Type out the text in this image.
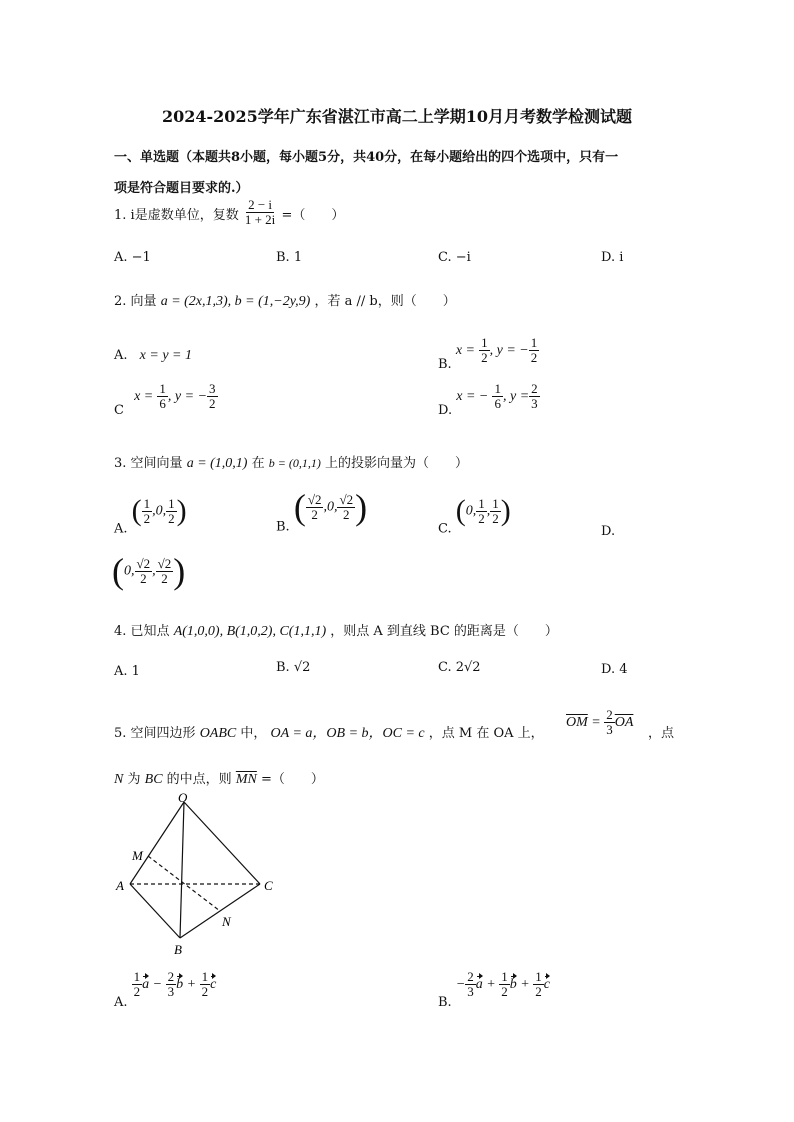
2024-2025学年广东省湛江市高二上学期10月月考数学检测试题
一、单选题（本题共8小题，每小题5分，共40分，在每小题给出的四个选项中，只有一
项是符合题目要求的.）
1. i是虚数单位，复数 $\frac{2 - i}{1 + 2i}$ =（　　）
A. −1	B. 1	C. −i	D. i
2. 向量 a = (2x,1,3), b = (1,−2y,9) ，若 a // b，则（　　）
A. x = y = 1
B. $x = \frac{1}{2}$ , y = − $\frac{1}{2}$
C $x = \frac{1}{6}$ , y = − $\frac{3}{2}$	D. x = − $\frac{1}{6}$ , $y = \frac{2}{3}$
3. 空间向量 a = (1,0,1) 在 b = (0,1,1) 上的投影向量为（　　）
A. ( $\frac{1}{2} ,0$, $\frac{1}{2}$ )	B. ( $\frac{√2}{2} ,0$, $\frac{√2}{2}$ )
C. (0, $\frac{1}{2}$ , $\frac{1}{2}$ )
D.
(0, $\frac{√2}{2}$ , $\frac{√2}{2}$ )
4. 已知点 A(1,0,0), B(1,0,2), C(1,1,1) ，则点 A 到直线 BC 的距离是（　　）
A. 1	B. √2	C. 2√2	D. 4
5. 空间四边形 OABC 中， OA = a，OB = b，OC = c ，点 M 在 OA 上，
$\overline{OM} = \frac{2}{3} \overline{OA}$
，点
N 为 BC 的中点，则 $\overline{MN}$ =（　　）
O
M
A	C
N
B
A.
$\frac{1}{2}$ $a - \frac{2}{3}$ $b + \frac{1}{2}$ c
B. − $\frac{2}{3}$ $a + \frac{1}{2}$ $b + \frac{1}{2}$ c
